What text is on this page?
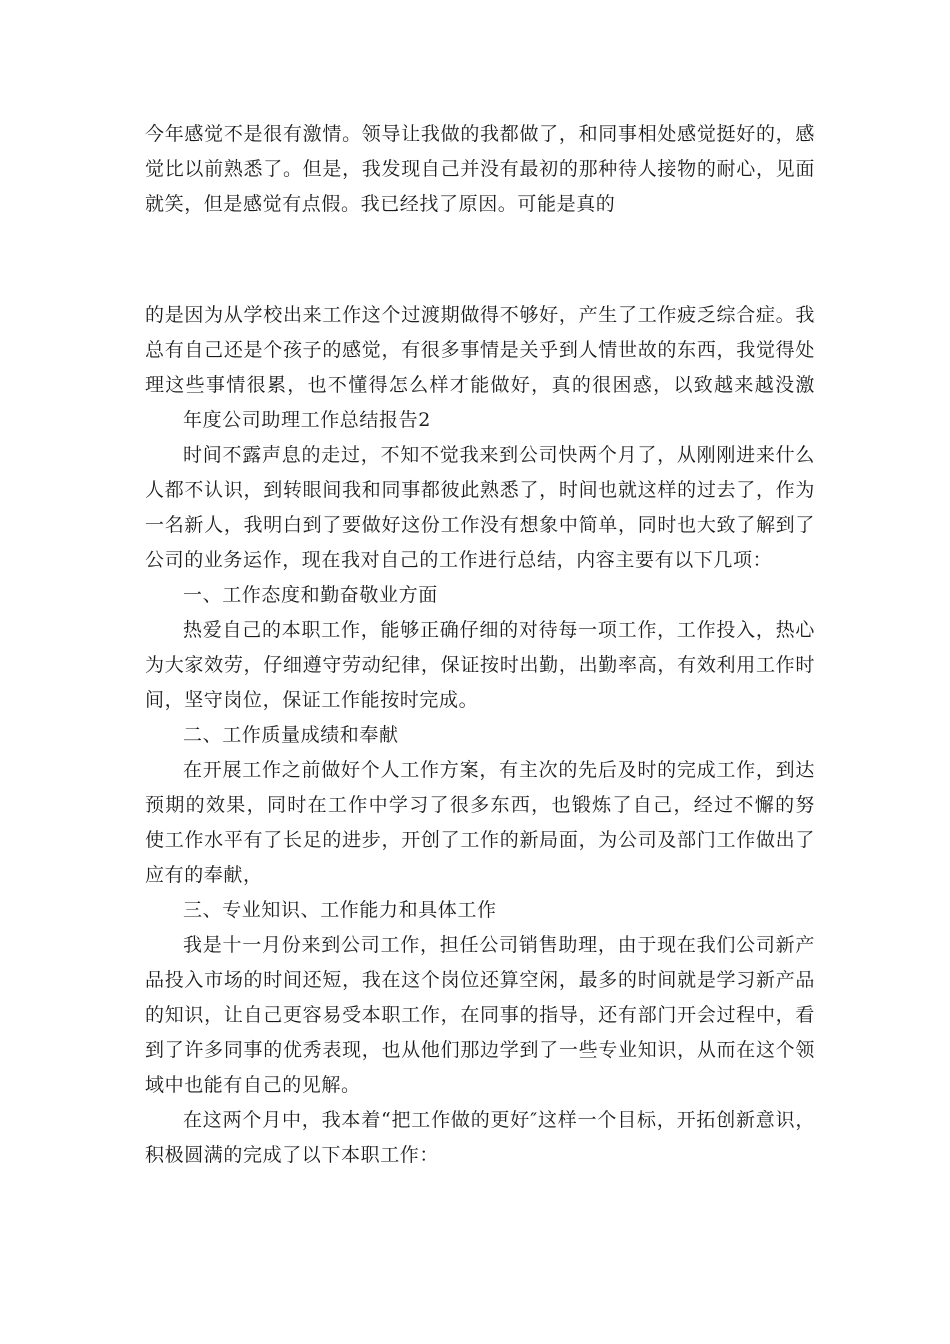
今年感觉不是很有激情。领导让我做的我都做了，和同事相处感觉挺好的，感
觉比以前熟悉了。但是，我发现自己并没有最初的那种待人接物的耐心，见面
就笑，但是感觉有点假。我已经找了原因。可能是真的
的是因为从学校出来工作这个过渡期做得不够好，产生了工作疲乏综合症。我
总有自己还是个孩子的感觉，有很多事情是关乎到人情世故的东西，我觉得处
理这些事情很累，也不懂得怎么样才能做好，真的很困惑，以致越来越没激
年度公司助理工作总结报告2
时间不露声息的走过，不知不觉我来到公司快两个月了，从刚刚进来什么
人都不认识，到转眼间我和同事都彼此熟悉了，时间也就这样的过去了，作为
一名新人，我明白到了要做好这份工作没有想象中简单，同时也大致了解到了
公司的业务运作，现在我对自己的工作进行总结，内容主要有以下几项：
一、工作态度和勤奋敬业方面
热爱自己的本职工作，能够正确仔细的对待每一项工作，工作投入，热心
为大家效劳，仔细遵守劳动纪律，保证按时出勤，出勤率高，有效利用工作时
间，坚守岗位，保证工作能按时完成。
二、工作质量成绩和奉献
在开展工作之前做好个人工作方案，有主次的先后及时的完成工作，到达
预期的效果，同时在工作中学习了很多东西，也锻炼了自己，经过不懈的努
使工作水平有了长足的进步，开创了工作的新局面，为公司及部门工作做出了
应有的奉献，
三、专业知识、工作能力和具体工作
我是十一月份来到公司工作，担任公司销售助理，由于现在我们公司新产
品投入市场的时间还短，我在这个岗位还算空闲，最多的时间就是学习新产品
的知识，让自己更容易受本职工作，在同事的指导，还有部门开会过程中，看
到了许多同事的优秀表现，也从他们那边学到了一些专业知识，从而在这个领
域中也能有自己的见解。
在这两个月中，我本着“把工作做的更好″这样一个目标，开拓创新意识，
积极圆满的完成了以下本职工作：
